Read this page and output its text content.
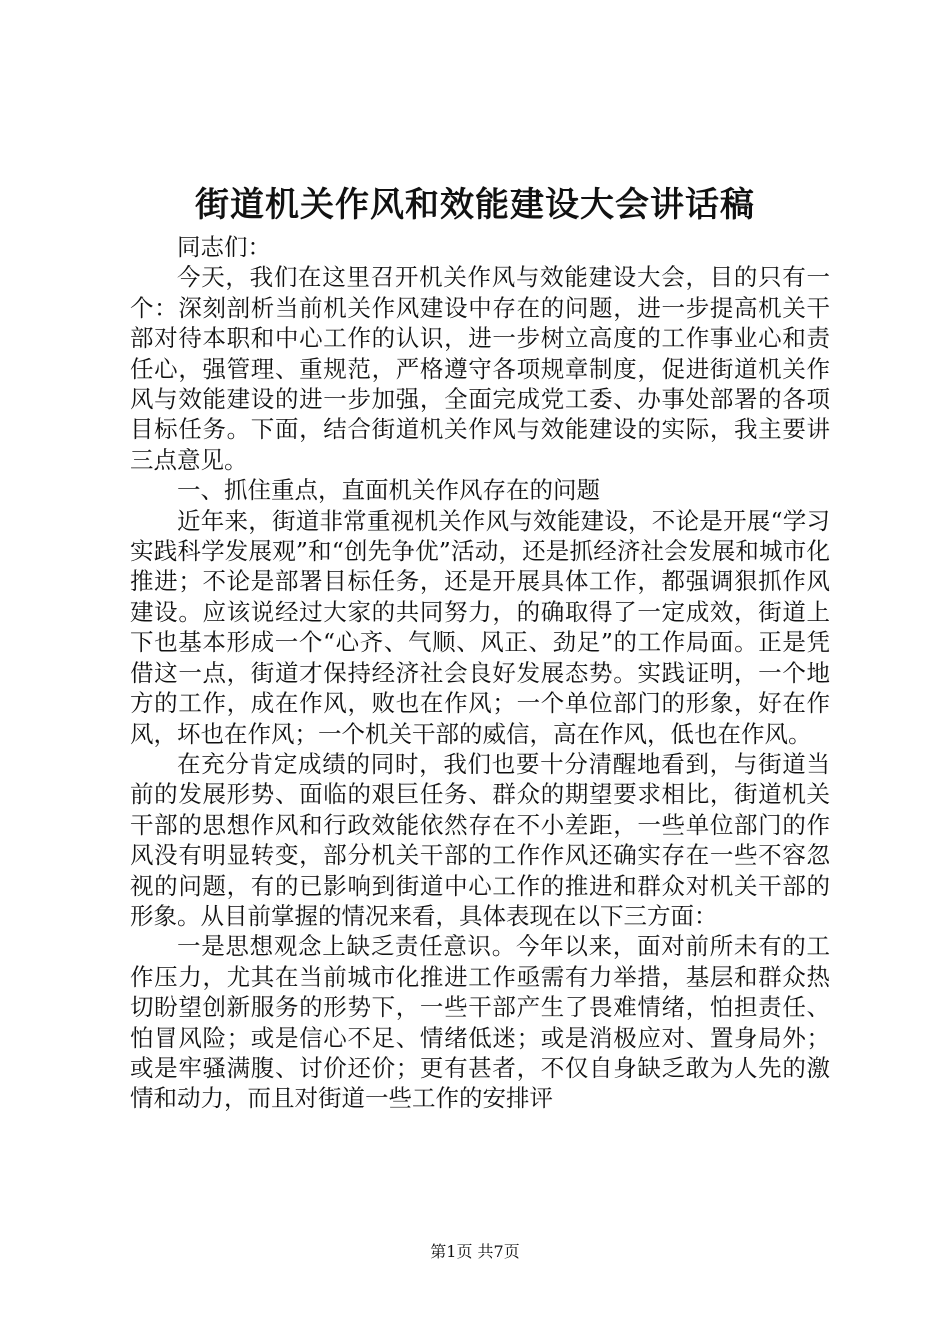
街道机关作风和效能建设大会讲话稿

同志们：

今天，我们在这里召开机关作风与效能建设大会，目的只有一个：深刻剖析当前机关作风建设中存在的问题，进一步提高机关干部对待本职和中心工作的认识，进一步树立高度的工作事业心和责任心，强管理、重规范，严格遵守各项规章制度，促进街道机关作风与效能建设的进一步加强，全面完成党工委、办事处部署的各项目标任务。下面，结合街道机关作风与效能建设的实际，我主要讲三点意见。

一、抓住重点，直面机关作风存在的问题

近年来，街道非常重视机关作风与效能建设，不论是开展“学习实践科学发展观”和“创先争优”活动，还是抓经济社会发展和城市化推进；不论是部署目标任务，还是开展具体工作，都强调狠抓作风建设。应该说经过大家的共同努力，的确取得了一定成效，街道上下也基本形成一个“心齐、气顺、风正、劲足”的工作局面。正是凭借这一点，街道才保持经济社会良好发展态势。实践证明，一个地方的工作，成在作风，败也在作风；一个单位部门的形象，好在作风，坏也在作风；一个机关干部的威信，高在作风，低也在作风。

在充分肯定成绩的同时，我们也要十分清醒地看到，与街道当前的发展形势、面临的艰巨任务、群众的期望要求相比，街道机关干部的思想作风和行政效能依然存在不小差距，一些单位部门的作风没有明显转变，部分机关干部的工作作风还确实存在一些不容忽视的问题，有的已影响到街道中心工作的推进和群众对机关干部的形象。从目前掌握的情况来看，具体表现在以下三方面：

一是思想观念上缺乏责任意识。今年以来，面对前所未有的工作压力，尤其在当前城市化推进工作亟需有力举措，基层和群众热切盼望创新服务的形势下，一些干部产生了畏难情绪，怕担责任、怕冒风险；或是信心不足、情绪低迷；或是消极应对、置身局外；或是牢骚满腹、讨价还价；更有甚者，不仅自身缺乏敢为人先的激情和动力，而且对街道一些工作的安排评

第1页 共7页
